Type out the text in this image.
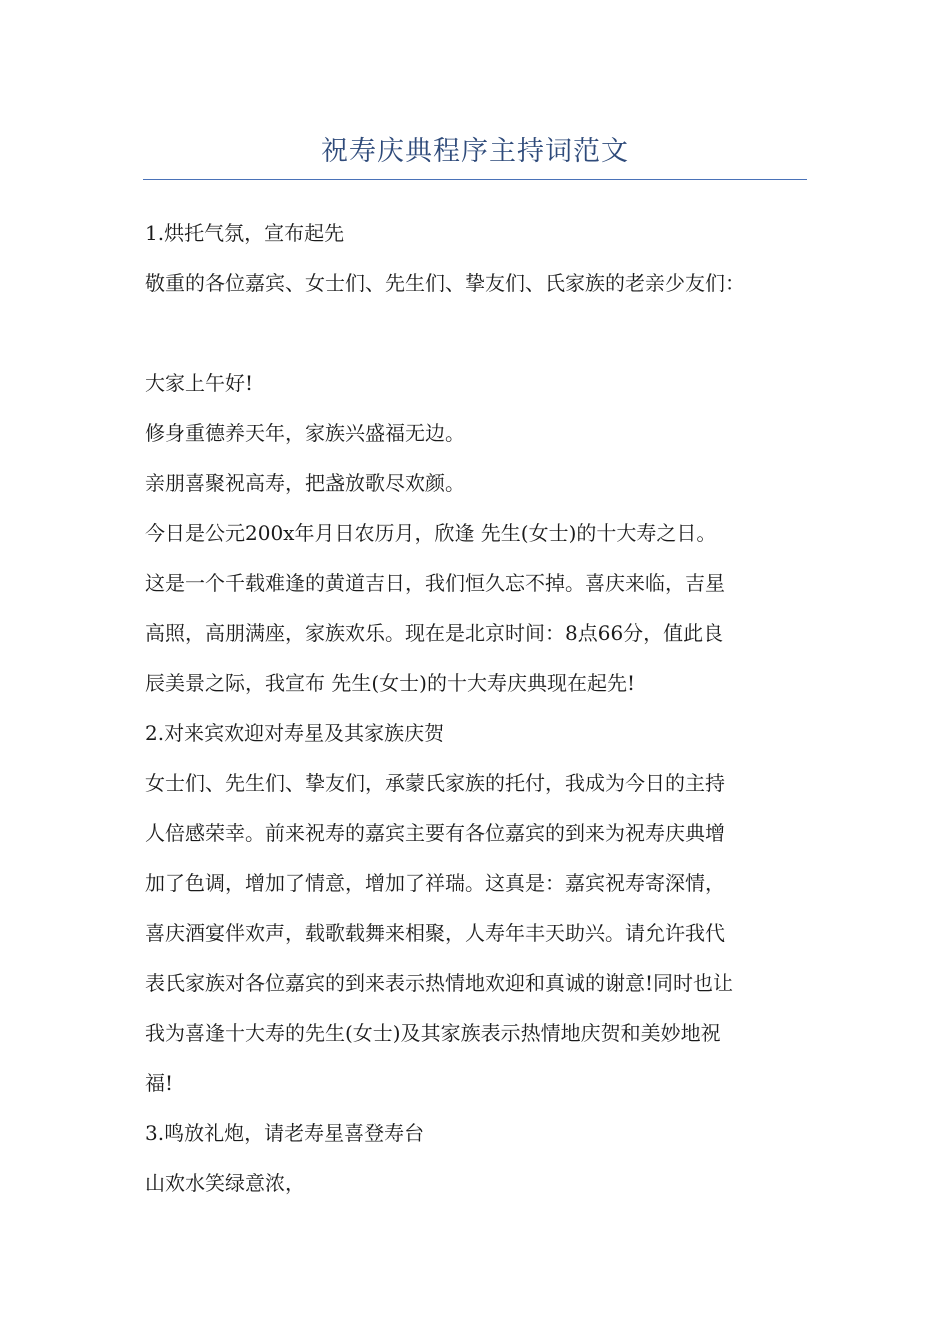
祝寿庆典程序主持词范文

1.烘托气氛，宣布起先

敬重的各位嘉宾、女士们、先生们、挚友们、氏家族的老亲少友们：

大家上午好!

修身重德养天年，家族兴盛福无边。

亲朋喜聚祝高寿，把盏放歌尽欢颜。

今日是公元200x年月日农历月，欣逢 先生(女士)的十大寿之日。

这是一个千载难逢的黄道吉日，我们恒久忘不掉。喜庆来临，吉星

高照，高朋满座，家族欢乐。现在是北京时间：8点66分，值此良

辰美景之际，我宣布 先生(女士)的十大寿庆典现在起先!

2.对来宾欢迎对寿星及其家族庆贺

女士们、先生们、挚友们，承蒙氏家族的托付，我成为今日的主持

人倍感荣幸。前来祝寿的嘉宾主要有各位嘉宾的到来为祝寿庆典增

加了色调，增加了情意，增加了祥瑞。这真是：嘉宾祝寿寄深情，

喜庆酒宴伴欢声，载歌载舞来相聚，人寿年丰天助兴。请允许我代

表氏家族对各位嘉宾的到来表示热情地欢迎和真诚的谢意!同时也让

我为喜逢十大寿的先生(女士)及其家族表示热情地庆贺和美妙地祝

福!

3.鸣放礼炮，请老寿星喜登寿台

山欢水笑绿意浓，
